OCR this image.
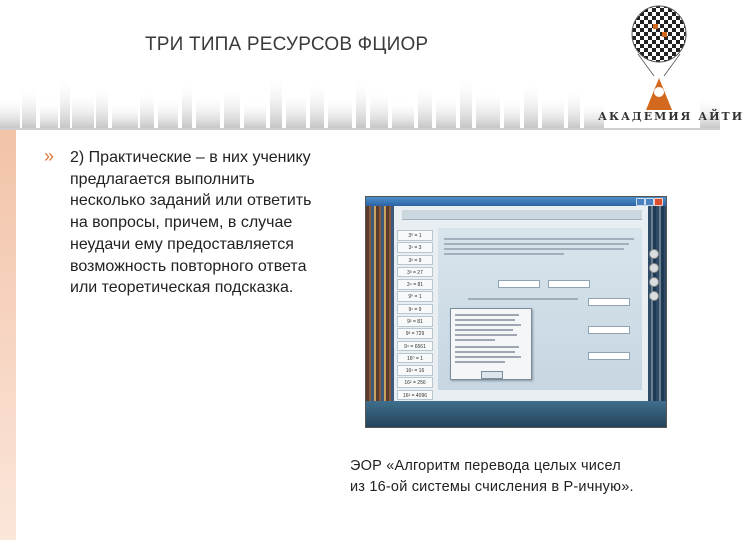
ТРИ ТИПА РЕСУРСОВ ФЦИОР
АКАДЕМИЯ АЙТИ
» 2) Практические – в них ученику предлагается выполнить несколько заданий или ответить на вопросы, причем, в случае неудачи ему предоставляется возможность повторного ответа или теоретическая подсказка.
3⁰ = 1
3¹ = 3
3² = 9
3³ = 27
3⁴ = 81
9⁰ = 1
9¹ = 9
9² = 81
9³ = 729
9⁴ = 6561
16⁰ = 1
16¹ = 16
16² = 256
16³ = 4096
ЭОР «Алгоритм перевода целых чисел
из 16-ой системы счисления в P-ичную».
